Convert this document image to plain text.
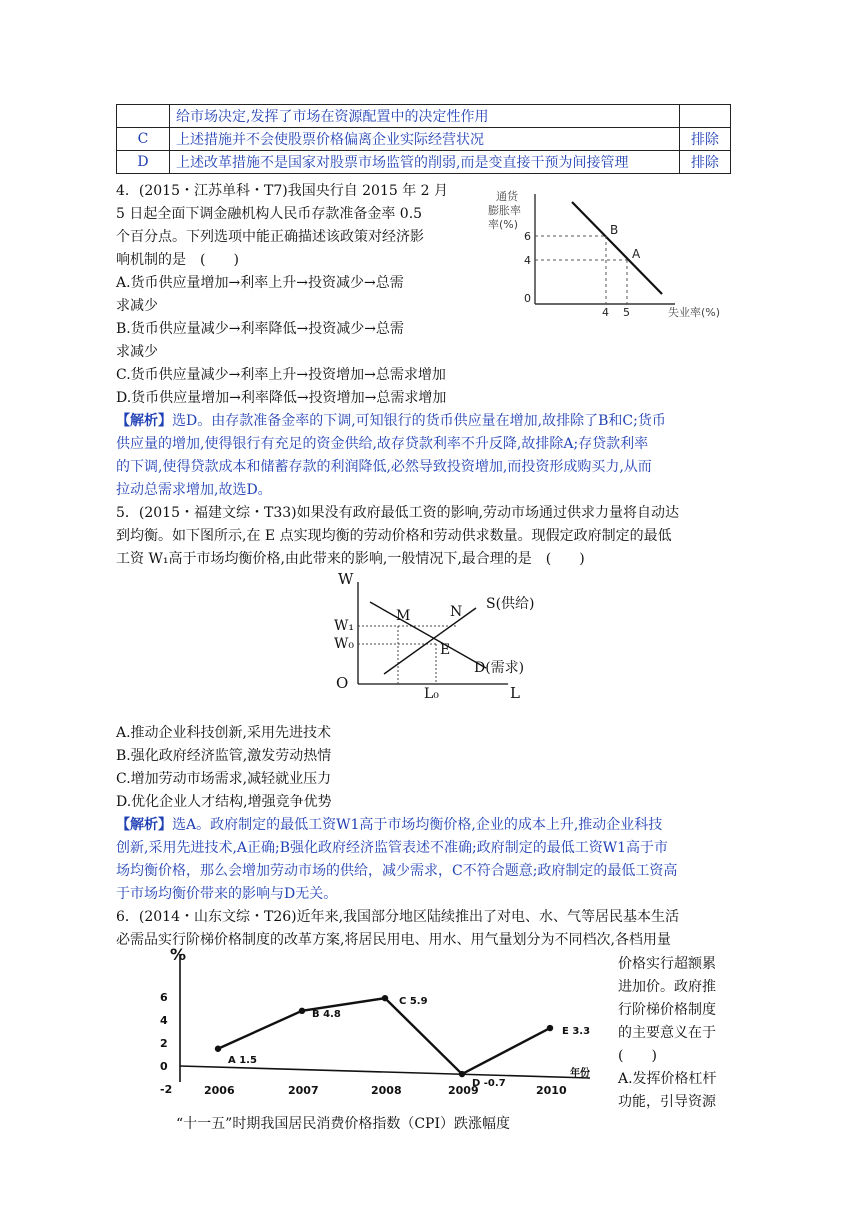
	给市场决定,发挥了市场在资源配置中的决定性作用	
C	上述措施并不会使股票价格偏离企业实际经营状况	排除
D	上述改革措施不是国家对股票市场监管的削弱,而是变直接干预为间接管理	排除
4．(2015・江苏单科・T7)我国央行自 2015 年 2 月
5 日起全面下调金融机构人民币存款准备金率 0.5
个百分点。下列选项中能正确描述该政策对经济影
响机制的是　(　　)
A.货币供应量增加→利率上升→投资减少→总需
求减少
B.货币供应量减少→利率降低→投资减少→总需
求减少
C.货币供应量减少→利率上升→投资增加→总需求增加
D.货币供应量增加→利率降低→投资增加→总需求增加
通货
膨胀率
率(%)	B
A
6
4
0
4 5	失业率(%)
【解析】选D。由存款准备金率的下调,可知银行的货币供应量在增加,故排除了B和C;货币
供应量的增加,使得银行有充足的资金供给,故存贷款利率不升反降,故排除A;存贷款利率
的下调,使得贷款成本和储蓄存款的利润降低,必然导致投资增加,而投资形成购买力,从而
拉动总需求增加,故选D。
5．(2015・福建文综・T33)如果没有政府最低工资的影响,劳动市场通过供求力量将自动达
到均衡。如下图所示,在 E 点实现均衡的劳动价格和劳动供求数量。现假定政府制定的最低
工资 W₁高于市场均衡价格,由此带来的影响,一般情况下,最合理的是　(　　)
W
O
L
W₁
W₀
L₀
M	N
E
S(供给)
D(需求)
A.推动企业科技创新,采用先进技术
B.强化政府经济监管,激发劳动热情
C.增加劳动市场需求,减轻就业压力
D.优化企业人才结构,增强竞争优势
【解析】选A。政府制定的最低工资W1高于市场均衡价格,企业的成本上升,推动企业科技
创新,采用先进技术,A正确;B强化政府经济监管表述不准确;政府制定的最低工资W1高于市
场均衡价格，那么会增加劳动市场的供给，减少需求，C不符合题意;政府制定的最低工资高
于市场均衡价带来的影响与D无关。
6．(2014・山东文综・T26)近年来,我国部分地区陆续推出了对电、水、气等居民基本生活
必需品实行阶梯价格制度的改革方案,将居民用电、用水、用气量划分为不同档次,各档用量
价格实行超额累
进加价。政府推
行阶梯价格制度
的主要意义在于
(　　)
A.发挥价格杠杆
功能，引导资源
%
6
4
2
0
-2	2006	2007	2008	2009	2010
A 1.5
B 4.8
C 5.9
D -0.7
E 3.3
年份
“十一五”时期我国居民消费价格指数（CPI）跌涨幅度
